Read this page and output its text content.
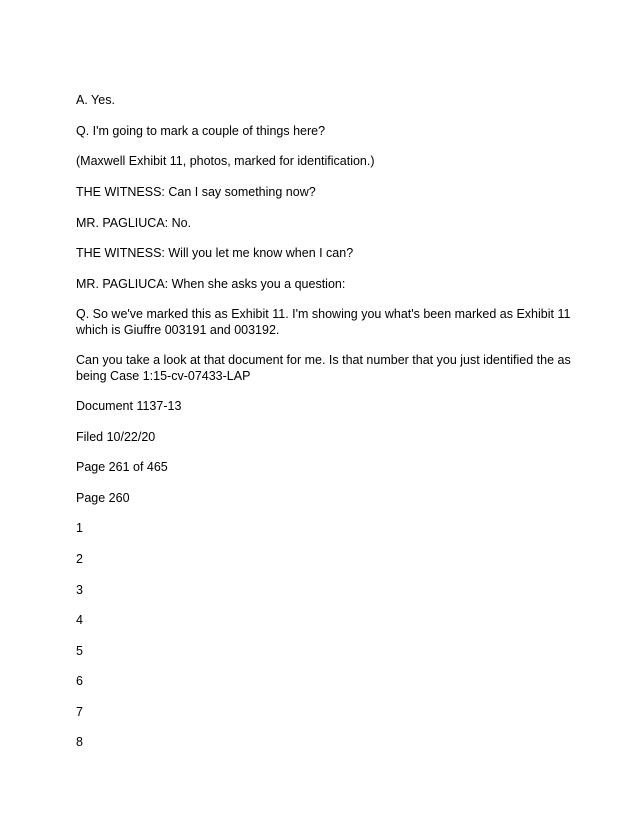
A. Yes.
Q. I'm going to mark a couple of things here?
(Maxwell Exhibit 11, photos, marked for identification.)
THE WITNESS: Can I say something now?
MR. PAGLIUCA: No.
THE WITNESS: Will you let me know when I can?
MR. PAGLIUCA: When she asks you a question:
Q. So we've marked this as Exhibit 11. I'm showing you what's been marked as Exhibit 11 which is Giuffre 003191 and 003192.
Can you take a look at that document for me. Is that number that you just identified the as being Case 1:15-cv-07433-LAP
Document 1137-13
Filed 10/22/20
Page 261 of 465
Page 260
1
2
3
4
5
6
7
8
